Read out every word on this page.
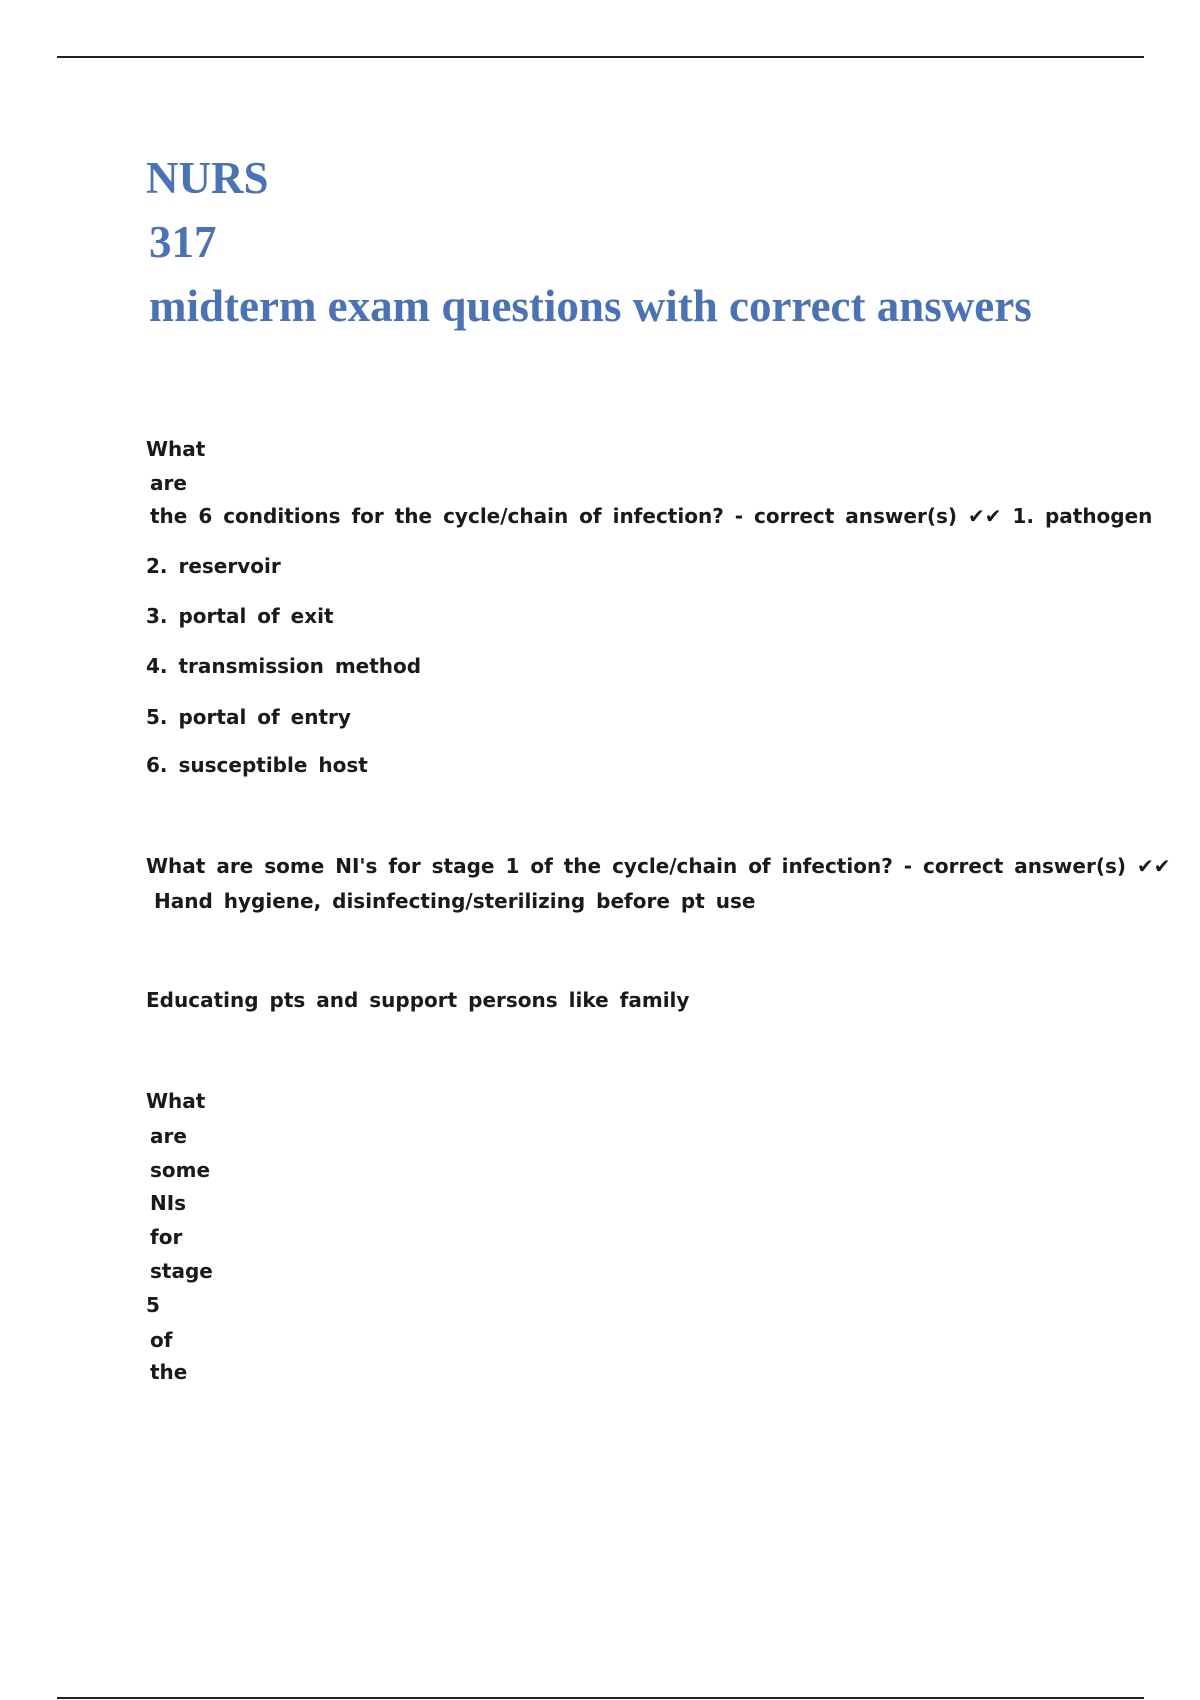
NURS
317
midterm exam questions with correct answers
What
are
the 6 conditions for the cycle/chain of infection? - correct answer(s) ✔✔ 1. pathogen
2. reservoir
3. portal of exit
4. transmission method
5. portal of entry
6. susceptible host
What are some NI's for stage 1 of the cycle/chain of infection? - correct answer(s) ✔✔
Hand hygiene, disinfecting/sterilizing before pt use
Educating pts and support persons like family
What
are
some
NIs
for
stage
5
of
the
